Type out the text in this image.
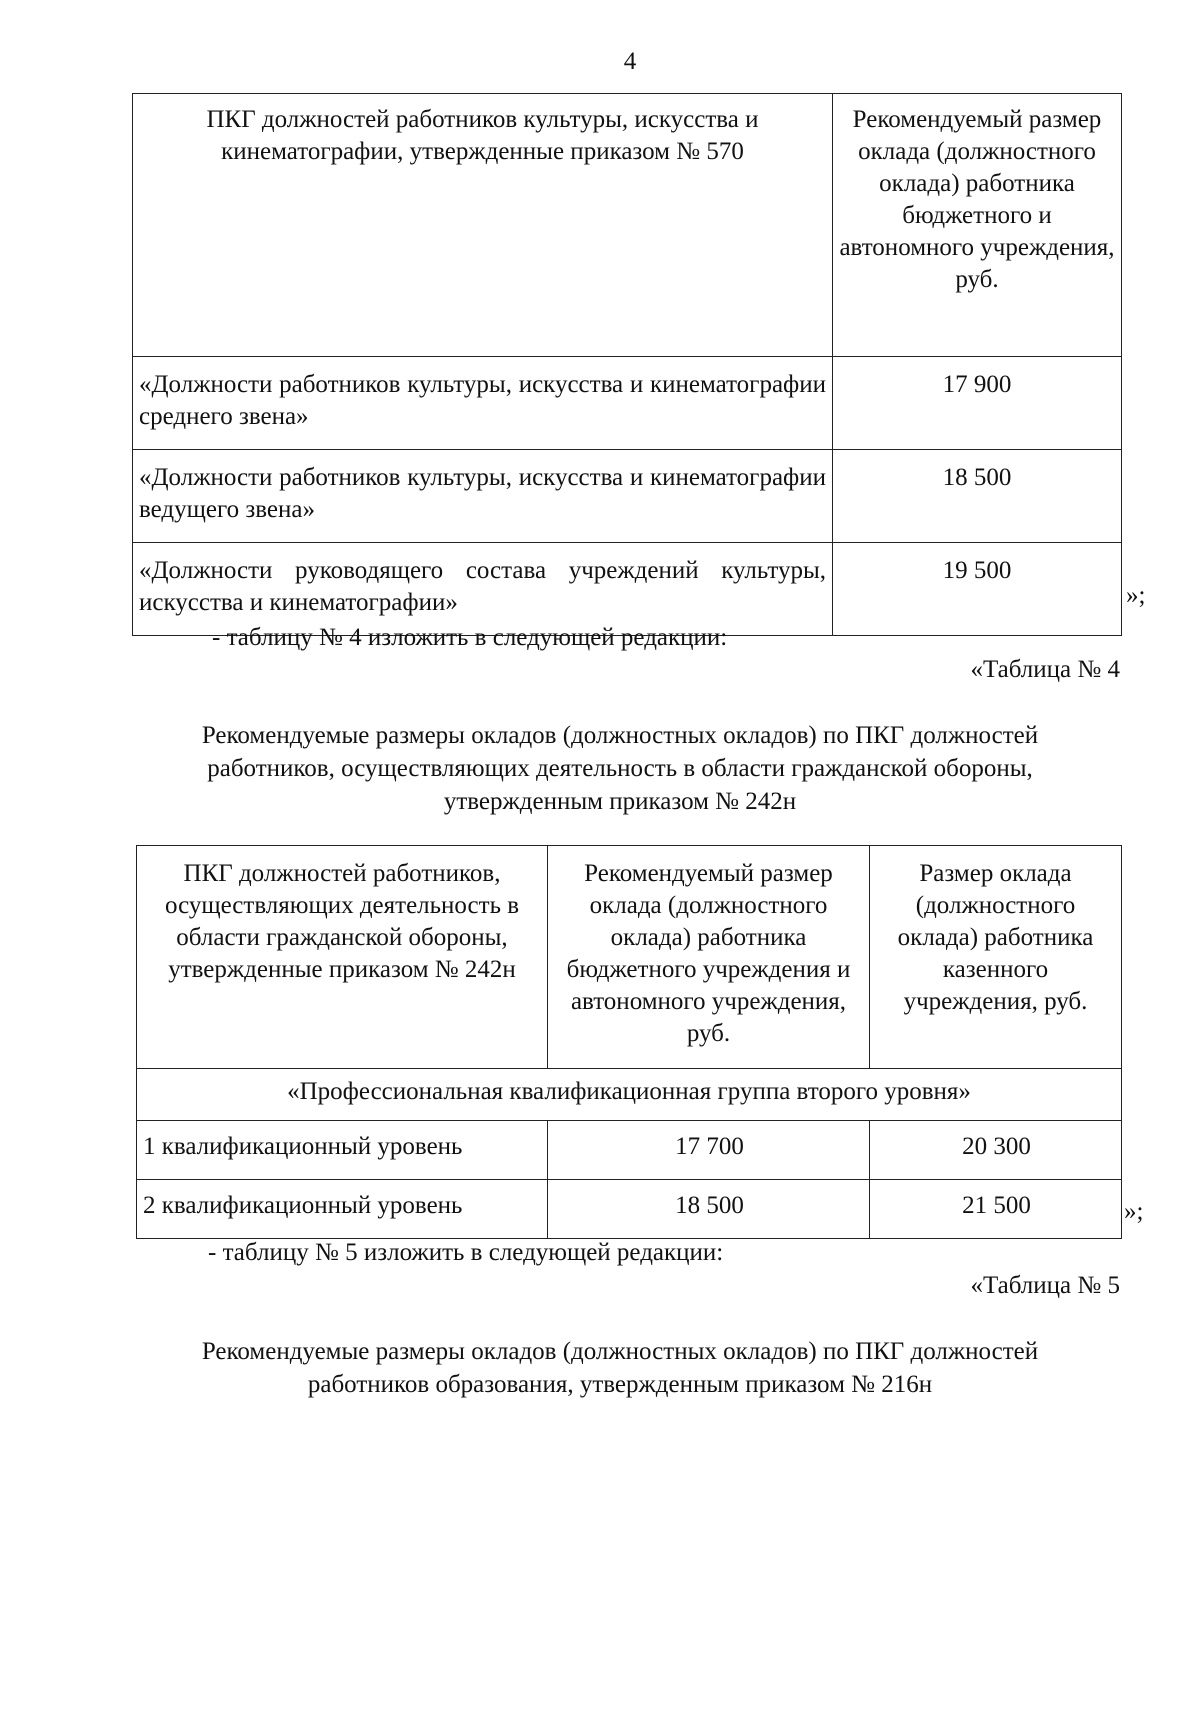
4
ПКГ должностей работников культуры, искусства и кинематографии, утвержденные приказом № 570	Рекомендуемый размер оклада (должностного оклада) работника бюджетного и автономного учреждения, руб.
«Должности работников культуры, искусства и кинематографии среднего звена»	17 900
«Должности работников культуры, искусства и кинематографии ведущего звена»	18 500
«Должности руководящего состава учреждений культуры, искусства и кинематографии»	19 500
»;
- таблицу № 4 изложить в следующей редакции:
«Таблица № 4
Рекомендуемые размеры окладов (должностных окладов) по ПКГ должностей
работников, осуществляющих деятельность в области гражданской обороны,
утвержденным приказом № 242н
ПКГ должностей работников, осуществляющих деятельность в области гражданской обороны, утвержденные приказом № 242н	Рекомендуемый размер оклада (должностного оклада) работника бюджетного учреждения и автономного учреждения, руб.	Размер оклада (должностного оклада) работника казенного учреждения, руб.
«Профессиональная квалификационная группа второго уровня»		
1 квалификационный уровень	17 700	20 300
2 квалификационный уровень	18 500	21 500	»;
- таблицу № 5 изложить в следующей редакции:
«Таблица № 5
Рекомендуемые размеры окладов (должностных окладов) по ПКГ должностей
работников образования, утвержденным приказом № 216н
